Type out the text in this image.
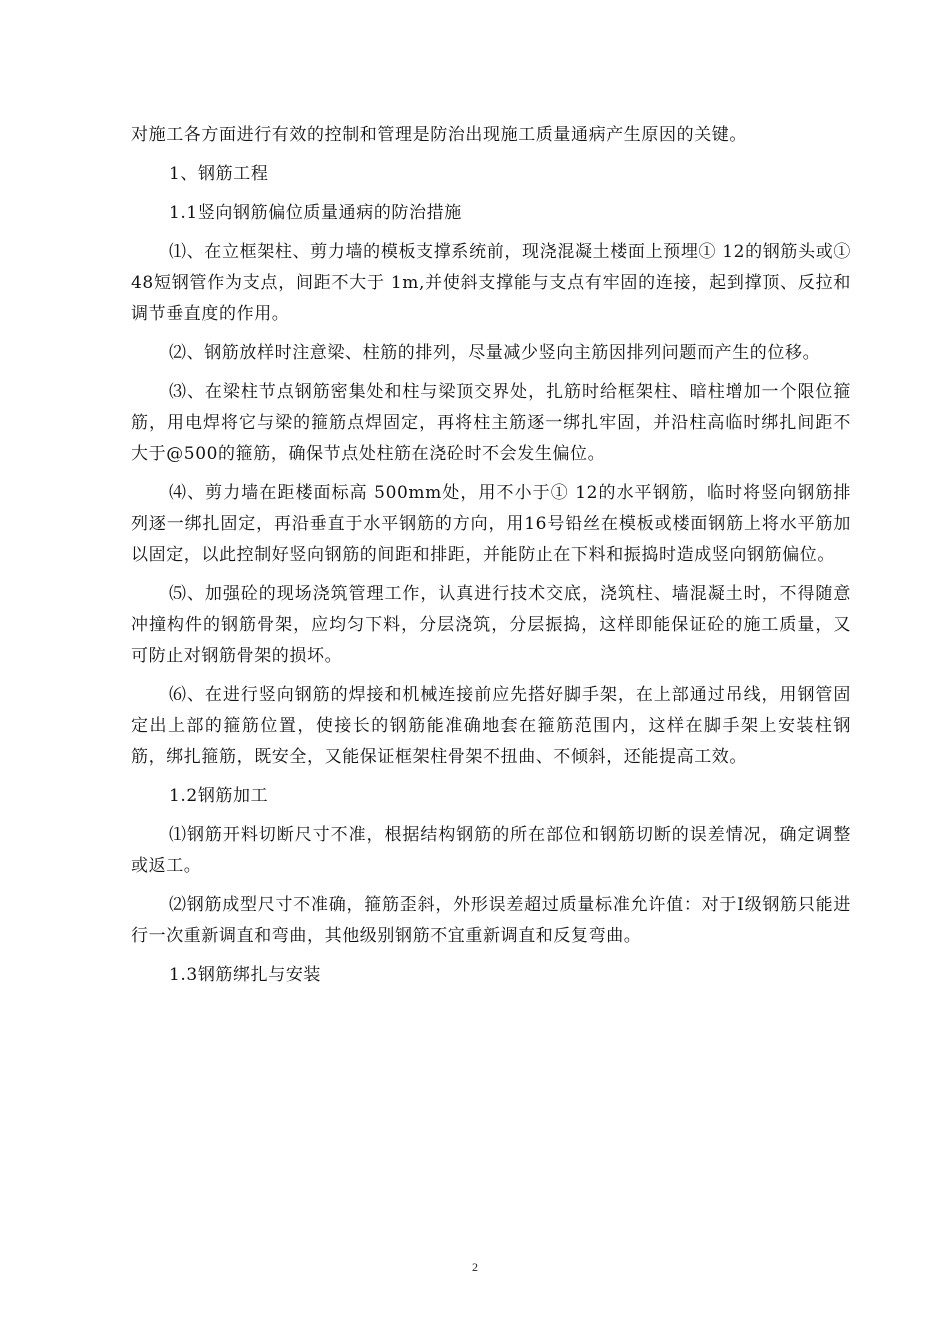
对施工各方面进行有效的控制和管理是防治出现施工质量通病产生原因的关键。

1、钢筋工程

1.1竖向钢筋偏位质量通病的防治措施

⑴、在立框架柱、剪力墙的模板支撑系统前，现浇混凝土楼面上预埋① 12的钢筋头或① 48短钢管作为支点，间距不大于 1m,并使斜支撑能与支点有牢固的连接，起到撑顶、反拉和调节垂直度的作用。

⑵、钢筋放样时注意梁、柱筋的排列，尽量减少竖向主筋因排列问题而产生的位移。

⑶、在梁柱节点钢筋密集处和柱与梁顶交界处，扎筋时给框架柱、暗柱增加一个限位箍筋，用电焊将它与梁的箍筋点焊固定，再将柱主筋逐一绑扎牢固，并沿柱高临时绑扎间距不大于@500的箍筋，确保节点处柱筋在浇砼时不会发生偏位。

⑷、剪力墙在距楼面标高 500mm处，用不小于① 12的水平钢筋，临时将竖向钢筋排列逐一绑扎固定，再沿垂直于水平钢筋的方向，用16号铅丝在模板或楼面钢筋上将水平筋加以固定，以此控制好竖向钢筋的间距和排距，并能防止在下料和振捣时造成竖向钢筋偏位。

⑸、加强砼的现场浇筑管理工作，认真进行技术交底，浇筑柱、墙混凝土时，不得随意冲撞构件的钢筋骨架，应均匀下料，分层浇筑，分层振捣，这样即能保证砼的施工质量，又可防止对钢筋骨架的损坏。

⑹、在进行竖向钢筋的焊接和机械连接前应先搭好脚手架，在上部通过吊线，用钢管固定出上部的箍筋位置，使接长的钢筋能准确地套在箍筋范围内，这样在脚手架上安装柱钢筋，绑扎箍筋，既安全，又能保证框架柱骨架不扭曲、不倾斜，还能提高工效。

1.2钢筋加工

⑴钢筋开料切断尺寸不准，根据结构钢筋的所在部位和钢筋切断的误差情况，确定调整或返工。

⑵钢筋成型尺寸不准确，箍筋歪斜，外形误差超过质量标准允许值：对于Ⅰ级钢筋只能进行一次重新调直和弯曲，其他级别钢筋不宜重新调直和反复弯曲。

1.3钢筋绑扎与安装

2
